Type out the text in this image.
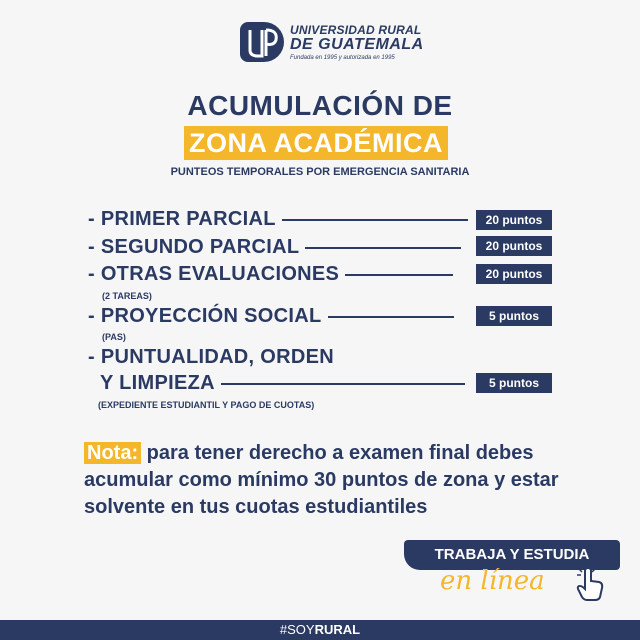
UNIVERSIDAD RURAL
DE GUATEMALA
Fundada en 1995 y autorizada en 1995
ACUMULACIÓN DE
ZONA ACADÉMICA
PUNTEOS TEMPORALES POR EMERGENCIA SANITARIA
- PRIMER PARCIAL	20 puntos
- SEGUNDO PARCIAL	20 puntos
- OTRAS EVALUACIONES	20 puntos
(2 TAREAS)
- PROYECCIÓN SOCIAL	5 puntos
(PAS)
- PUNTUALIDAD, ORDEN
Y LIMPIEZA	5 puntos
(EXPEDIENTE ESTUDIANTIL Y PAGO DE CUOTAS)
Nota: para tener derecho a examen final debes acumular como mínimo 30 puntos de zona y estar solvente en tus cuotas estudiantiles
TRABAJA Y ESTUDIA
en línea
#SOYRURAL
